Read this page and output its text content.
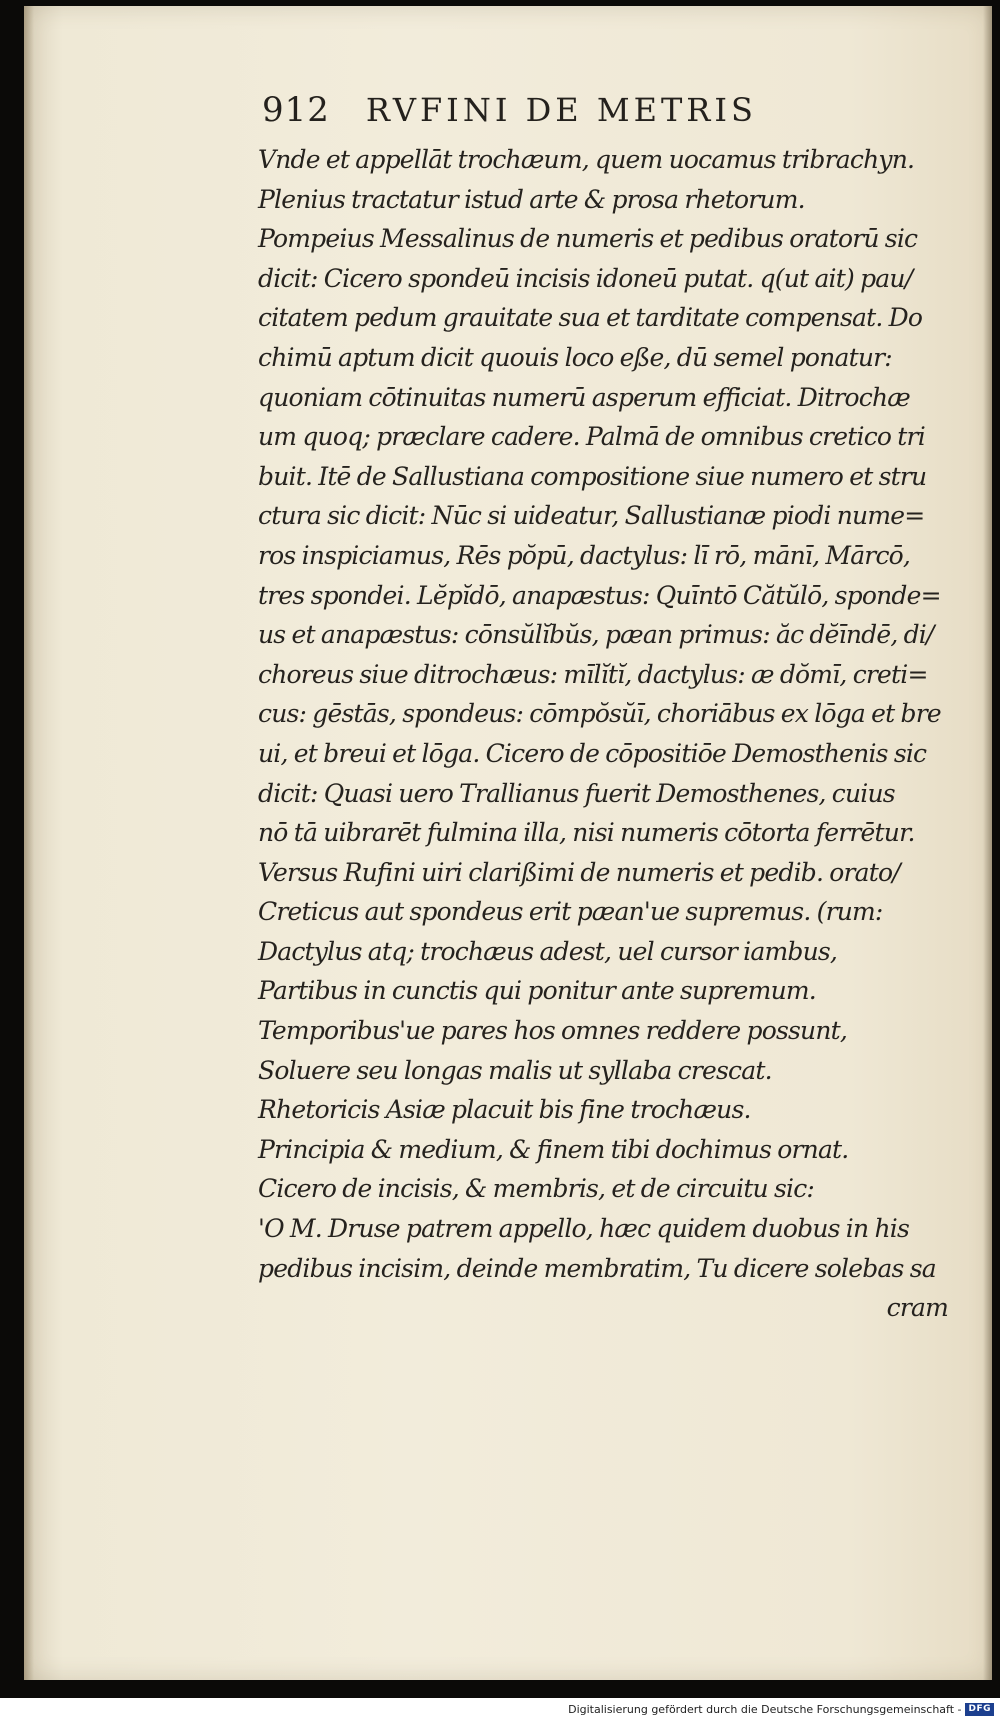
912 RVFINI DE METRIS
Vnde et appellāt trochæum, quem uocamus tribrachyn.
Plenius tractatur istud arte & prosa rhetorum.
Pompeius Messalinus de numeris et pedibus oratorū sic
dicit: Cicero spondeū incisis idoneū putat. q(ut ait) pau/
citatem pedum grauitate sua et tarditate compensat. Do
chimū aptum dicit quouis loco eße, dū semel ponatur:
quoniam cōtinuitas numerū asperum efficiat. Ditrochæ
um quoq; præclare cadere. Palmā de omnibus cretico tri
buit. Itē de Sallustiana compositione siue numero et stru
ctura sic dicit: Nūc si uideatur, Sallustianæ piodi nume=
ros inspiciamus, Rēs pŏpū, dactylus: lī rō, mānī, Mārcō,
tres spondei. Lĕpĭdō, anapæstus: Quīntō Cătŭlō, sponde=
us et anapæstus: cōnsŭlĭbŭs, pæan primus: ăc dĕīndē, di/
choreus siue ditrochæus: mīlĭtĭ, dactylus: æ dŏmī, creti=
cus: gēstās, spondeus: cōmpŏsŭī, choriābus ex lōga et bre
ui, et breui et lōga. Cicero de cōpositiōe Demosthenis sic
dicit: Quasi uero Trallianus fuerit Demosthenes, cuius
nō tā uibrarēt fulmina illa, nisi numeris cōtorta ferrētur.
Versus Rufini uiri clarißimi de numeris et pedib. orato/
Creticus aut spondeus erit pæan'ue supremus. (rum:
Dactylus atq; trochæus adest, uel cursor iambus,
Partibus in cunctis qui ponitur ante supremum.
Temporibus'ue pares hos omnes reddere possunt,
Soluere seu longas malis ut syllaba crescat.
Rhetoricis Asiæ placuit bis fine trochæus.
Principia & medium, & finem tibi dochimus ornat.
Cicero de incisis, & membris, et de circuitu sic:
'O M. Druse patrem appello, hæc quidem duobus in his
pedibus incisim, deinde membratim, Tu dicere solebas sa
cram
Digitalisierung gefördert durch die Deutsche Forschungsgemeinschaft - DFG
